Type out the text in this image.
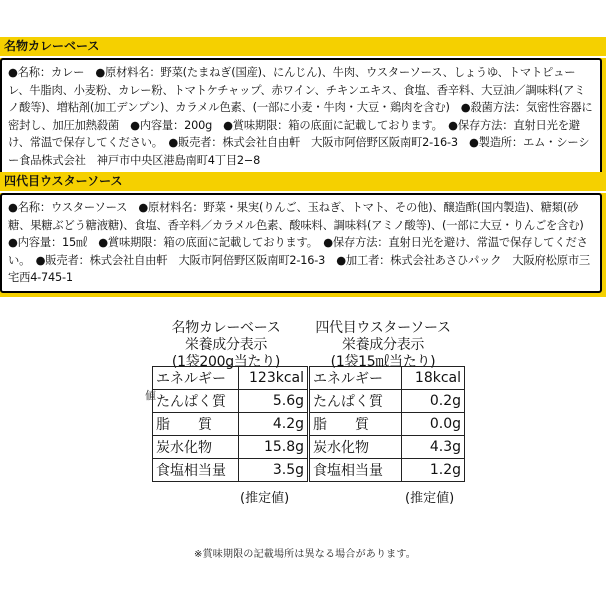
名物カレーベース
●名称：カレー　●原材料名：野菜(たまねぎ(国産)、にんじん)、牛肉、ウスターソース、しょうゆ、トマトピューレ、牛脂肉、小麦粉、カレー粉、トマトケチャップ、赤ワイン、チキンエキス、食塩、香辛料、大豆油／調味料(アミノ酸等)、増粘剤(加工デンプン)、カラメル色素、(一部に小麦・牛肉・大豆・鶏肉を含む)　●殺菌方法：気密性容器に密封し、加圧加熱殺菌　●内容量：200g　●賞味期限：箱の底面に記載しております。　●保存方法：直射日光を避け、常温で保存してください。　●販売者：株式会社自由軒　大阪市阿倍野区阪南町2-16-3　●製造所：エム・シーシー食品株式会社　神戸市中央区港島南町4丁目2−8
四代目ウスターソース
●名称：ウスターソース　●原材料名：野菜・果実(りんご、玉ねぎ、トマト、その他)、醸造酢(国内製造)、糖類(砂糖、果糖ぶどう糖液糖)、食塩、香辛料／カラメル色素、酸味料、調味料(アミノ酸等)、(一部に大豆・りんごを含む)　●内容量：15㎖　●賞味期限：箱の底面に記載しております。　●保存方法：直射日光を避け、常温で保存してください。　●販売者：株式会社自由軒　大阪市阿倍野区阪南町2-16-3　●加工者：株式会社あさひパック　大阪府松原市三宅西4-745-1
値
名物カレーベース
栄養成分表示
(1袋200g当たり)
エネルギー	123kcal
たんぱく質	5.6g
脂　　質	4.2g
炭水化物	15.8g
食塩相当量	3.5g
(推定値)
四代目ウスターソース
栄養成分表示
(1袋15㎖当たり)
エネルギー	18kcal
たんぱく質	0.2g
脂　　質	0.0g
炭水化物	4.3g
食塩相当量	1.2g
(推定値)
※賞味期限の記載場所は異なる場合があります。
